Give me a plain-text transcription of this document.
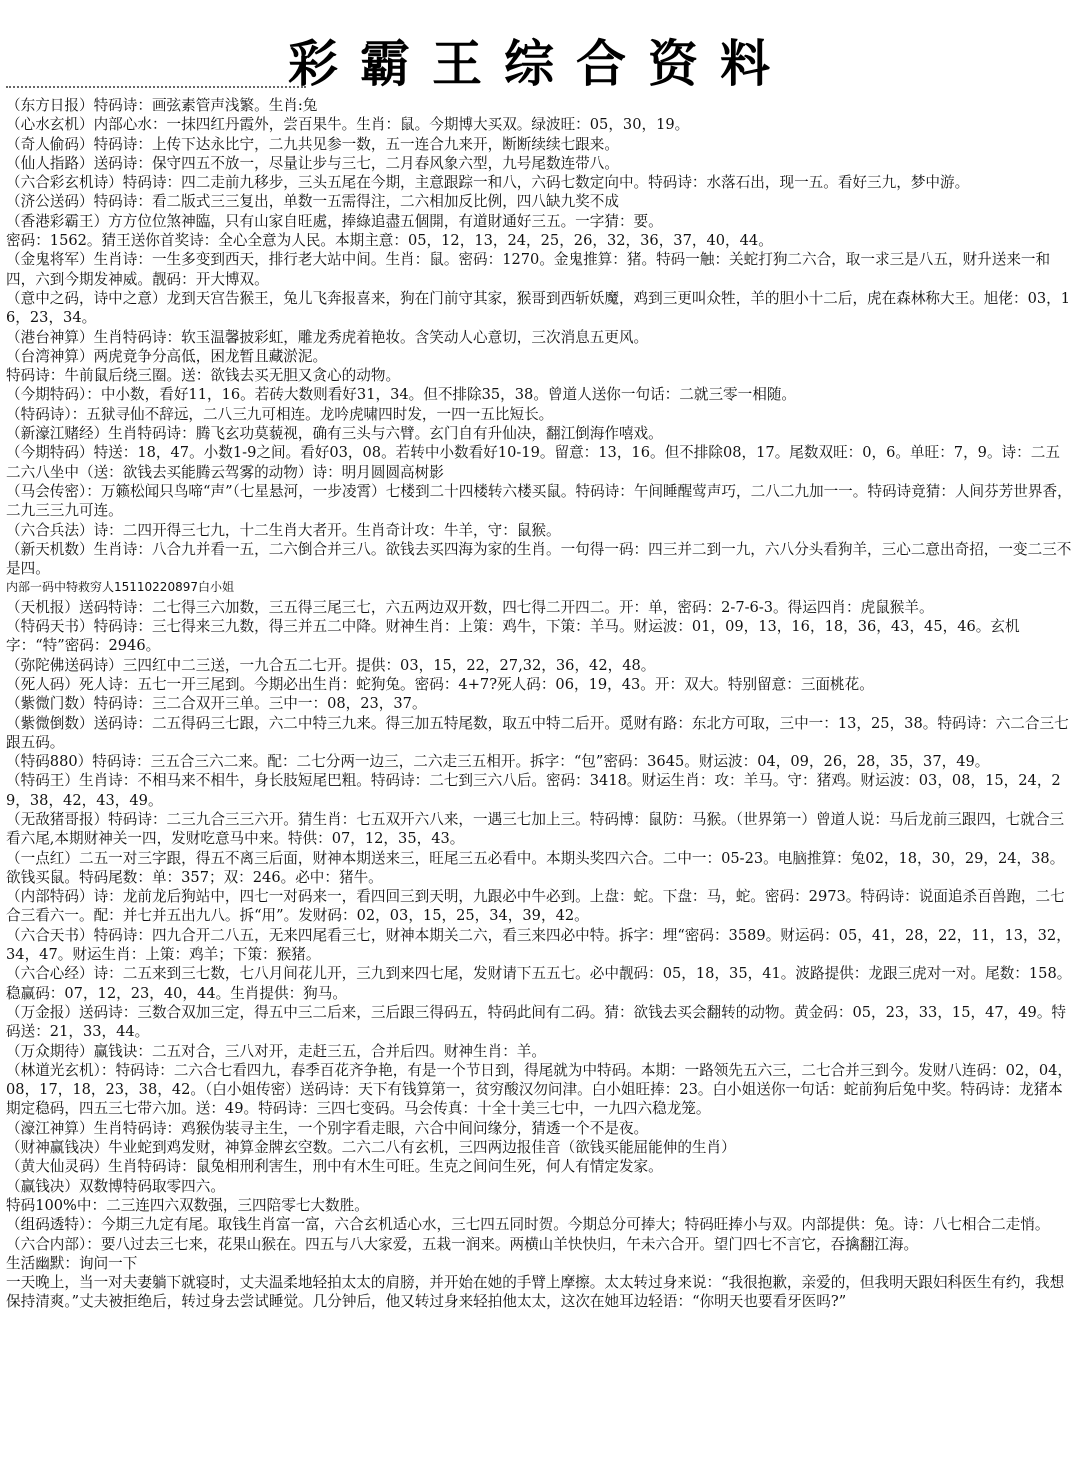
彩霸王综合资料

（东方日报）特码诗：画弦素管声浅繁。生肖:兔

（心水玄机）内部心水：一抹四红丹霞外，尝百果牛。生肖：鼠。今期博大买双。绿波旺：05，30，19。

（奇人偷码）特码诗：上传下达永比宁，二九共见参一数，五一连合九来开，断断续续七跟来。

（仙人指路）送码诗：保守四五不放一，尽量让步与三七，二月春风象六型，九号尾数连带八。

（六合彩玄机诗）特码诗：四二走前九移步，三头五尾在今期，主意跟踪一和八，六码七数定向中。特码诗：水落石出，现一五。看好三九，梦中游。

（济公送码）特码诗：看二版式三三复出，单数一五需得注，二六相加反比例，四八缺九奖不成

（香港彩霸王）方方位位煞神臨，只有山家自旺處，捧綠追盡五個開，有道財通好三五。一字猜：要。

密码：1562。猜王送你首奖诗：全心全意为人民。本期主意：05，12，13，24，25，26，32，36，37，40，44。

（金鬼将军）生肖诗：一生多变到西天，排行老大站中间。生肖：鼠。密码：1270。金鬼推算：猪。特码一触：关蛇打狗二六合，取一求三是八五，财升送来一和四，六到今期发神威。靓码：开大博双。

（意中之码，诗中之意）龙到天宫告猴王，兔儿飞奔报喜来，狗在门前守其家，猴哥到西斩妖魔，鸡到三更叫众牲，羊的胆小十二后，虎在森林称大王。旭佬：03，16，23，34。

（港台神算）生肖特码诗：软玉温馨披彩虹，雕龙秀虎着艳妆。含笑动人心意切，三次消息五更风。

（台湾神算）两虎竟争分高低，困龙暂且藏淤泥。

特码诗：牛前鼠后绕三圈。送：欲钱去买无胆又贪心的动物。

（今期特码）：中小数，看好11，16。若砖大数则看好31，34。但不排除35，38。曾道人送你一句话：二就三零一相随。

（特码诗）：五狱寻仙不辞远，二八三九可相连。龙吟虎啸四时发，一四一五比短长。

（新濠江赌经）生肖特码诗：腾飞玄功莫藐视，确有三头与六臂。玄门自有升仙决，翻江倒海作嘻戏。

（今期特码）特送：18，47。小数1-9之间。看好03，08。若转中小数看好10-19。留意：13，16。但不排除08，17。尾数双旺：0，6。单旺：7，9。诗：二五二六八坐中（送：欲钱去买能腾云驾雾的动物）诗：明月圆圆高树影

（马会传密）：万籁松闻只鸟啼“声”（七星悬河，一步凌霄）七楼到二十四楼转六楼买鼠。特码诗：午间睡醒莺声巧，二八二九加一一。特码诗竟猜：人间芬芳世界香，二九三三九可连。

（六合兵法）诗：二四开得三七九，十二生肖大者开。生肖奇计攻：牛羊，守：鼠猴。

（新天机数）生肖诗：八合九并看一五，二六倒合并三八。欲钱去买四海为家的生肖。一句得一码：四三并二到一九，六八分头看狗羊，三心二意出奇招，一变二三不是四。

内部一码中特救穷人15110220897白小姐

（天机报）送码特诗：二七得三六加数，三五得三尾三七，六五两边双开数，四七得二开四二。开：单，密码：2-7-6-3。得运四肖：虎鼠猴羊。

（特码天书）特码诗：三七得来三九数，得三并五二中降。财神生肖：上策：鸡牛，下策：羊马。财运波：01，09，13，16，18，36，43，45，46。玄机字：“特”密码：2946。

（弥陀佛送码诗）三四红中二三送，一九合五二七开。提供：03，15，22，27,32，36，42，48。

（死人码）死人诗：五七一开三尾到。今期必出生肖：蛇狗兔。密码：4+7?死人码：06，19，43。开：双大。特别留意：三面桃花。

（紫微门数）特码诗：三二合双开三单。三中一：08，23，37。

（紫微倒数）送码诗：二五得码三七跟，六二中特三九来。得三加五特尾数，取五中特二后开。觅财有路：东北方可取，三中一：13，25，38。特码诗：六二合三七跟五码。

（特码880）特码诗：三五合三六二来。配：二七分两一边三，二六走三五相开。拆字：“包”密码：3645。财运波：04，09，26，28，35，37，49。

（特码王）生肖诗：不相马来不相牛，身长肢短尾巴粗。特码诗：二七到三六八后。密码：3418。财运生肖：攻：羊马。守：猪鸡。财运波：03，08，15，24，29，38，42，43，49。

（无敌猪哥报）特码诗：二三九合三三六开。猜生肖：七五双开六八来，一遇三七加上三。特码博：鼠防：马猴。（世界第一）曾道人说：马后龙前三跟四，七就合三看六尾,本期财神关一四，发财吃意马中来。特供：07，12，35，43。

（一点红）二五一对三字跟，得五不离三后面，财神本期送来三，旺尾三五必看中。本期头奖四六合。二中一：05-23。电脑推算：兔02，18，30，29，24，38。欲钱买鼠。特码尾数：单：357；双：246。必中：猪牛。

（内部特码）诗：龙前龙后狗站中，四七一对码来一，看四回三到天明，九跟必中牛必到。上盘：蛇。下盘：马，蛇。密码：2973。特码诗：说面追杀百兽跑，二七合三看六一。配：并七并五出九八。拆“用”。发财码：02，03，15，25，34，39，42。

（六合天书）特码诗：四九合开二八五，无来四尾看三七，财神本期关二六，看三来四必中特。拆字：埋“密码：3589。财运码：05，41，28，22，11，13，32，34，47。财运生肖：上策：鸡羊；下策：猴猪。

（六合心经）诗：二五来到三七数，七八月间花儿开，三九到来四七尾，发财请下五五七。必中靓码：05，18，35，41。波路提供：龙跟三虎对一对。尾数：158。稳赢码：07，12，23，40，44。生肖提供：狗马。

（万金报）送码诗：三数合双加三定，得五中三二后来，三后跟三得码五，特码此间有二码。猜：欲钱去买会翻转的动物。黄金码：05，23，33，15，47，49。特码送：21，33，44。

（万众期待）赢钱诀：二五对合，三八对开，走赶三五，合并后四。财神生肖：羊。

（林道光玄机）：特码诗：二六合七看四九，春季百花齐争艳，有是一个节日到，得尾就为中特码。本期：一路领先五六三，二七合并三到今。发财八连码：02，04，08，17，18，23，38，42。（白小姐传密）送码诗：天下有钱算第一，贫穷酸汉勿问津。白小姐旺捧：23。白小姐送你一句话：蛇前狗后兔中奖。特码诗：龙猪本期定稳码，四五三七带六加。送：49。特码诗：三四七变码。马会传真：十全十美三七中，一九四六稳龙笼。

（濠江神算）生肖特码诗：鸡猴伪装寻主生，一个别字看走眼，六合中间问缘分，猜透一个不是夜。

（财神赢钱决）牛业蛇到鸡发财，神算金牌玄空数。二六二八有玄机，三四两边报佳音（欲钱买能屈能伸的生肖）

（黄大仙灵码）生肖特码诗：鼠兔相刑利害生，刑中有木生可旺。生克之间问生死，何人有情定发家。

（赢钱决）双数博特码取零四六。

特码100%中：二三连四六双数强，三四陪零七大数胜。

（组码透特）：今期三九定有尾。取钱生肖富一富，六合玄机适心水，三七四五同时贺。今期总分可捧大；特码旺捧小与双。内部提供：兔。诗：八七相合二走悄。

（六合内部）：要八过去三七来，花果山猴在。四五与八大家爱，五栽一润来。两横山羊快快归，午未六合开。望门四七不言它，吞擒翻江海。

生活幽默：询问一下

一天晚上，当一对夫妻躺下就寝时，丈夫温柔地轻拍太太的肩膀，并开始在她的手臂上摩擦。太太转过身来说：“我很抱歉，亲爱的，但我明天跟妇科医生有约，我想保持清爽。”丈夫被拒绝后，转过身去尝试睡觉。几分钟后，他又转过身来轻拍他太太，这次在她耳边轻语：“你明天也要看牙医吗?”
